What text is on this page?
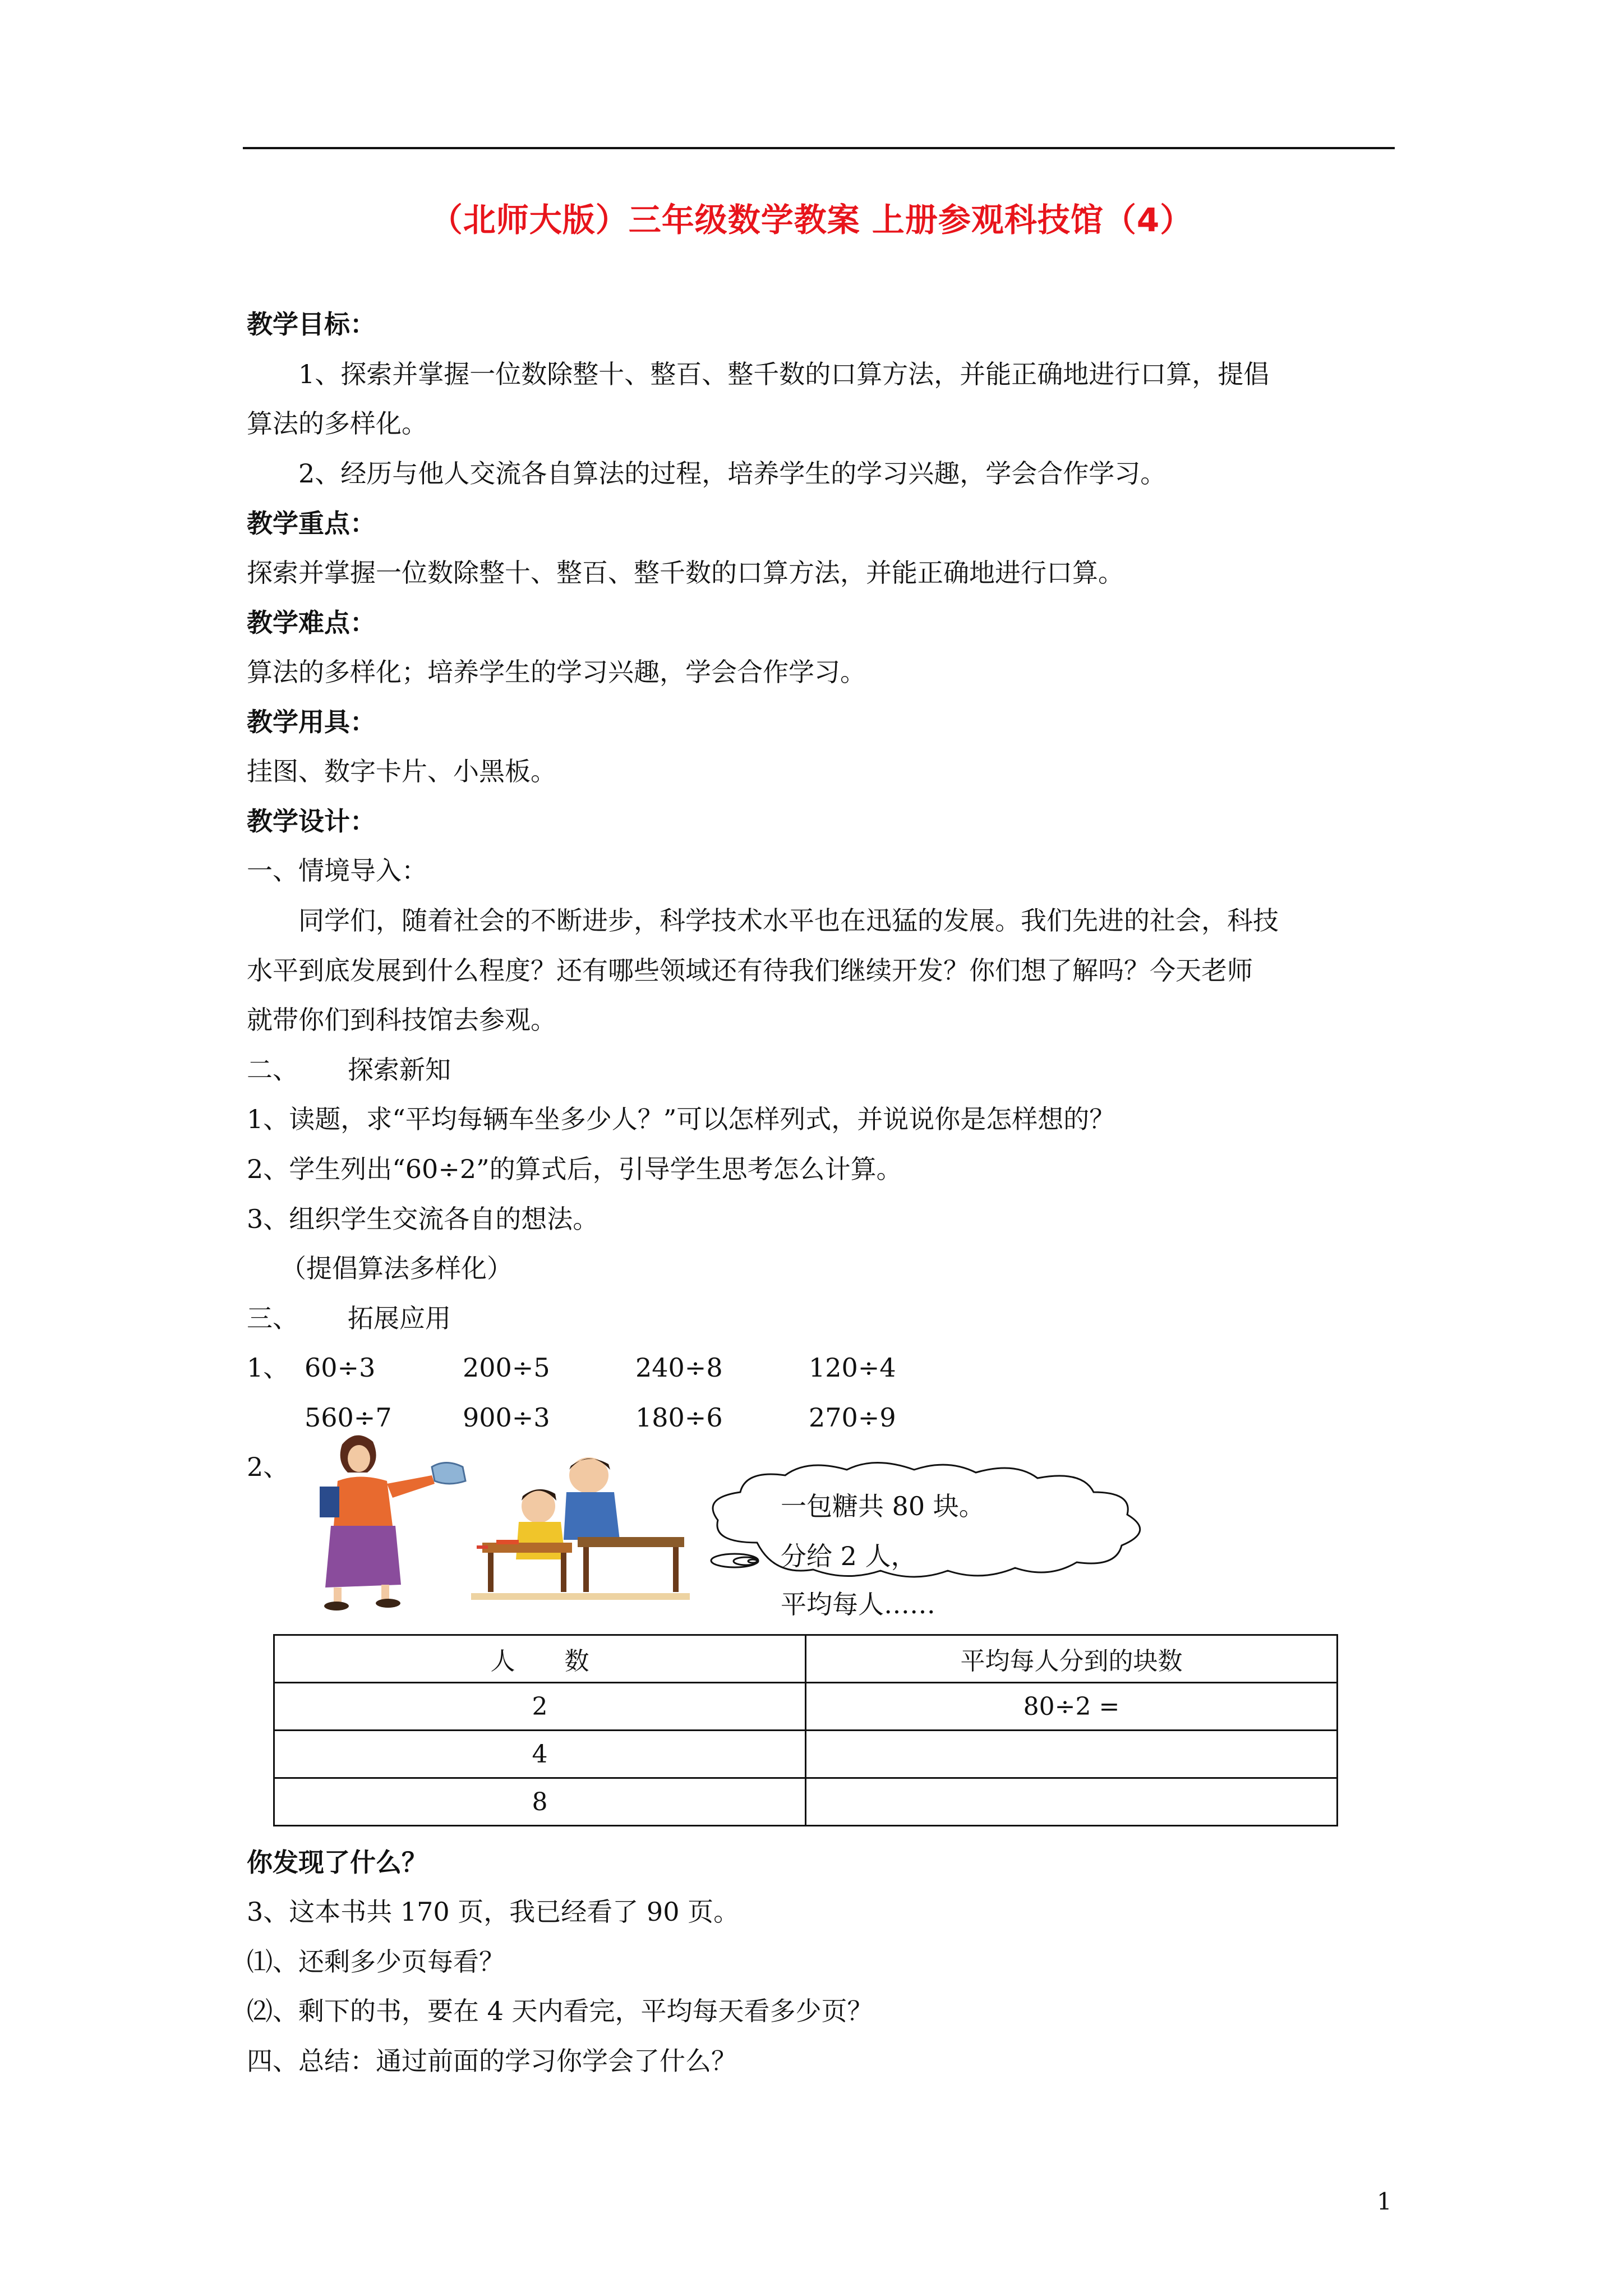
（北师大版）三年级数学教案 上册参观科技馆（4）
教学目标：
1、探索并掌握一位数除整十、整百、整千数的口算方法，并能正确地进行口算，提倡
算法的多样化。
2、经历与他人交流各自算法的过程，培养学生的学习兴趣，学会合作学习。
教学重点：
探索并掌握一位数除整十、整百、整千数的口算方法，并能正确地进行口算。
教学难点：
算法的多样化；培养学生的学习兴趣，学会合作学习。
教学用具：
挂图、数字卡片、小黑板。
教学设计：
一、情境导入：
同学们，随着社会的不断进步，科学技术水平也在迅猛的发展。我们先进的社会，科技
水平到底发展到什么程度？还有哪些领域还有待我们继续开发？你们想了解吗？今天老师
就带你们到科技馆去参观。
二、 探索新知
1、读题，求“平均每辆车坐多少人？”可以怎样列式，并说说你是怎样想的？
2、学生列出“60÷2”的算式后，引导学生思考怎么计算。
3、组织学生交流各自的想法。
（提倡算法多样化）
三、 拓展应用
1、 60÷3	200÷5	240÷8	120÷4
560÷7	900÷3	180÷6	270÷9
2、
一包糖共 80 块。
分给 2 人，
平均每人……
人　　数	平均每人分到的块数
2	80÷2 =
4	
8	
你发现了什么？
3、这本书共 170 页，我已经看了 90 页。
⑴、还剩多少页每看？
⑵、剩下的书，要在 4 天内看完，平均每天看多少页？
四、总结：通过前面的学习你学会了什么？
1
